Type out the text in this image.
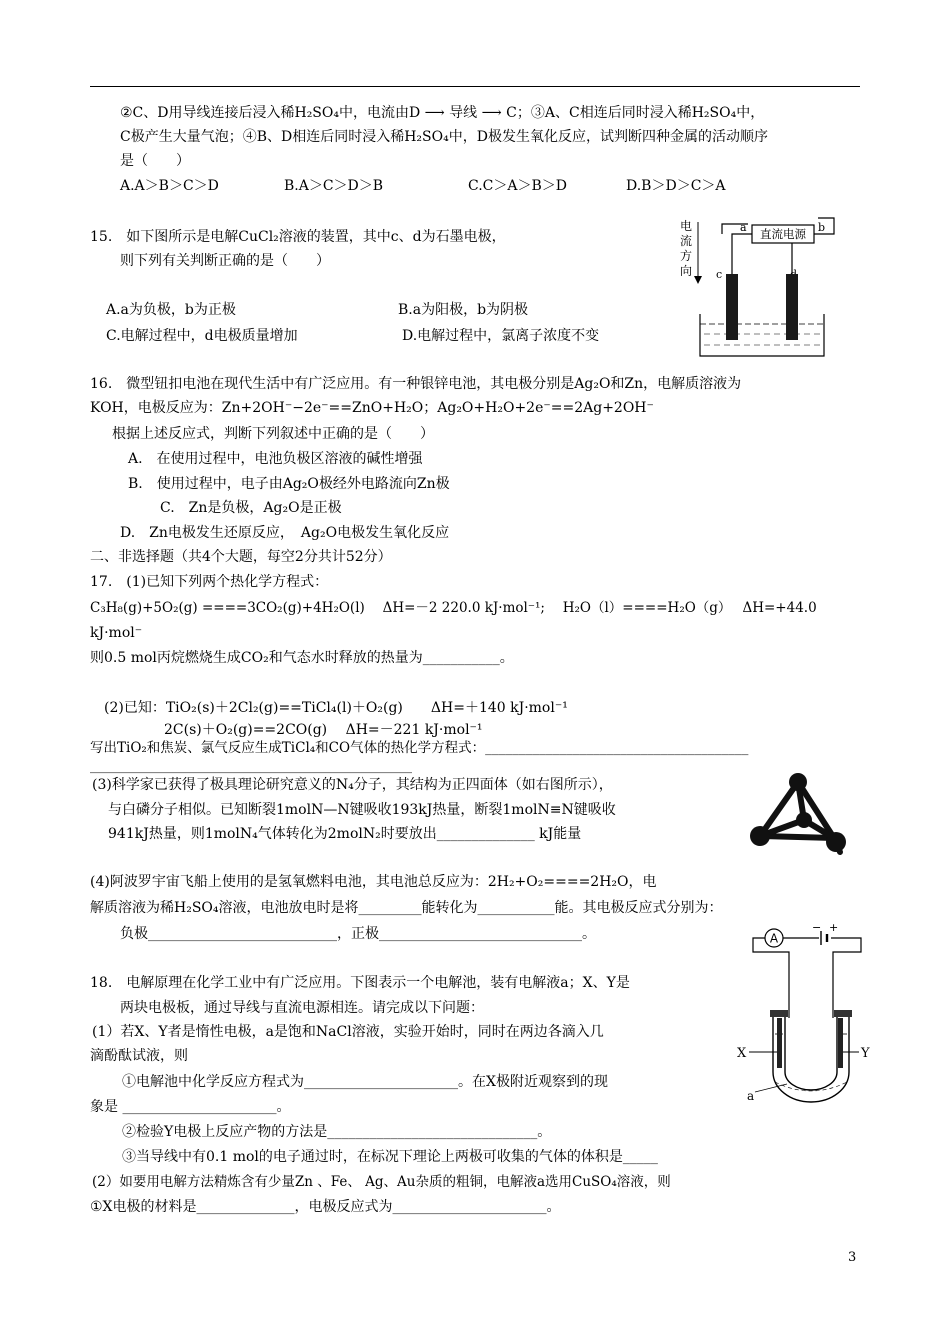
②C、D用导线连接后浸入稀H₂SO₄中，电流由D ⟶ 导线 ⟶ C；③A、C相连后同时浸入稀H₂SO₄中，
C极产生大量气泡；④B、D相连后同时浸入稀H₂SO₄中，D极发生氧化反应，试判断四种金属的活动顺序
是（　　）
A.A＞B＞C＞D	B.A＞C＞D＞B	C.C＞A＞B＞D	D.B＞D＞C＞A
15.　如下图所示是电解CuCl₂溶液的装置，其中c、d为石墨电极，
则下列有关判断正确的是（　　）
A.a为负极，b为正极	B.a为阳极，b为阴极
C.电解过程中，d电极质量增加	D.电解过程中，氯离子浓度不变
电
流
方
向
直流电源
a	b
c
16.　微型钮扣电池在现代生活中有广泛应用。有一种银锌电池，其电极分别是Ag₂O和Zn，电解质溶液为
KOH，电极反应为：Zn+2OH⁻−2e⁻==ZnO+H₂O；Ag₂O+H₂O+2e⁻==2Ag+2OH⁻
根据上述反应式，判断下列叙述中正确的是（　　）
A.　在使用过程中，电池负极区溶液的碱性增强
B.　使用过程中，电子由Ag₂O极经外电路流向Zn极
C.　Zn是负极，Ag₂O是正极
D.　Zn电极发生还原反应，　Ag₂O电极发生氧化反应
二、非选择题（共4个大题，每空2分共计52分）
17.　(1)已知下列两个热化学方程式：
C₃H₈(g)+5O₂(g) ====3CO₂(g)+4H₂O(l)　 ΔH=－2 220.0 kJ·mol⁻¹;　 H₂O（l）====H₂O（g）　 ΔH=+44.0
kJ·mol⁻
则0.5 mol丙烷燃烧生成CO₂和气态水时释放的热量为___________。
(2)已知：TiO₂(s)＋2Cl₂(g)==TiCl₄(l)＋O₂(g)　　ΔH=＋140 kJ·mol⁻¹
2C(s)＋O₂(g)==2CO(g)　 ΔH=－221 kJ·mol⁻¹
写出TiO₂和焦炭、氯气反应生成TiCl₄和CO气体的热化学方程式：_______________________________________
______________________________________________
(3)科学家已获得了极具理论研究意义的N₄分子，其结构为正四面体（如右图所示），
与白磷分子相似。已知断裂1molN—N键吸收193kJ热量，断裂1molN≡N键吸收
941kJ热量，则1molN₄气体转化为2molN₂时要放出______________ kJ能量
(4)阿波罗宇宙飞船上使用的是氢氧燃料电池，其电池总反应为：2H₂+O₂====2H₂O，电
解质溶液为稀H₂SO₄溶液，电池放电时是将_________能转化为___________能。其电极反应式分别为：
负极___________________________，正极_____________________________。
18.　电解原理在化学工业中有广泛应用。下图表示一个电解池，装有电解液a；X、Y是
两块电极板，通过导线与直流电源相连。请完成以下问题：
(1）若X、Y者是惰性电极，a是饱和NaCl溶液，实验开始时，同时在两边各滴入几
滴酚酞试液，则
①电解池中化学反应方程式为______________________。在X极附近观察到的现
象是 ______________________。
②检验Y电极上反应产物的方法是______________________________。
③当导线中有0.1 mol的电子通过时，在标况下理论上两极可收集的气体的体积是_____
(2）如要用电解方法精炼含有少量Zn 、Fe、 Ag、Au杂质的粗铜，电解液a选用CuSO₄溶液，则
①X电极的材料是______________，电极反应式为______________________。
A
− +
X	Y
a
3
